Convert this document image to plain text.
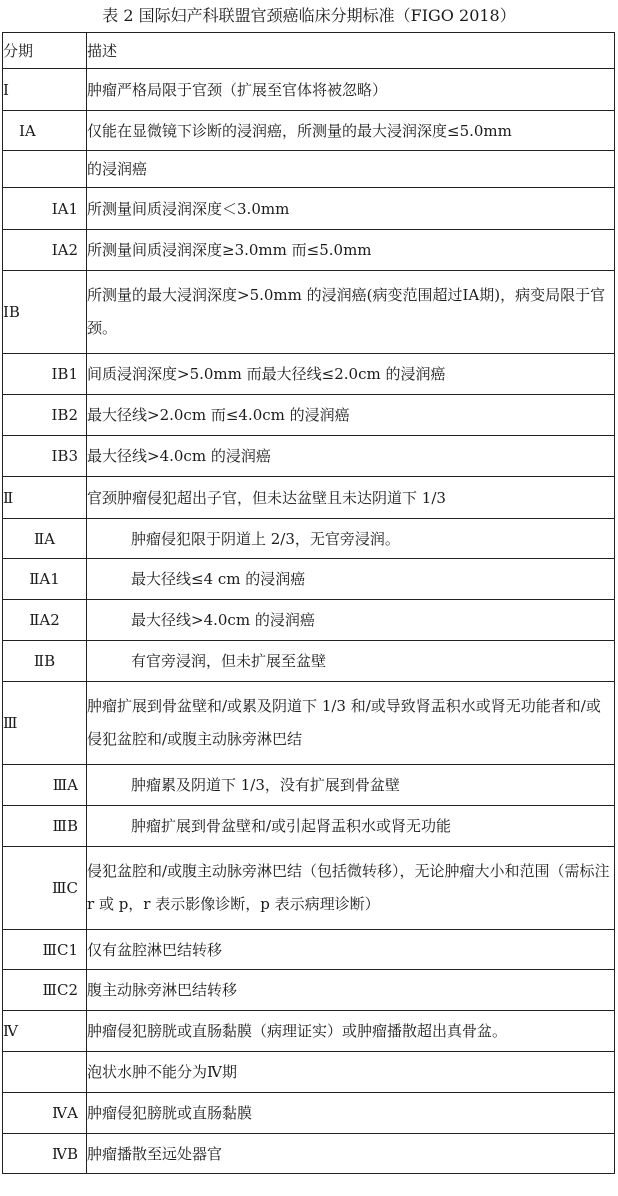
表 2 国际妇产科联盟官颈癌临床分期标准（FIGO 2018）
分期	描述
Ⅰ	肿瘤严格局限于官颈（扩展至官体将被忽略）
ⅠA	仅能在显微镜下诊断的浸润癌，所测量的最大浸润深度≤5.0mm
	的浸润癌
ⅠA1	所测量间质浸润深度＜3.0mm
ⅠA2	所测量间质浸润深度≥3.0mm 而≤5.0mm
ⅠB	所测量的最大浸润深度>5.0mm 的浸润癌(病变范围超过ⅠA期)，病变局限于官颈。
ⅠB1	间质浸润深度>5.0mm 而最大径线≤2.0cm 的浸润癌
ⅠB2	最大径线>2.0cm 而≤4.0cm 的浸润癌
ⅠB3	最大径线>4.0cm 的浸润癌
Ⅱ	官颈肿瘤侵犯超出子官，但未达盆壁且未达阴道下 1/3
ⅡA	肿瘤侵犯限于阴道上 2/3，无官旁浸润。
ⅡA1	最大径线≤4 cm 的浸润癌
ⅡA2	最大径线>4.0cm 的浸润癌
ⅡB	有官旁浸润，但未扩展至盆壁
Ⅲ	肿瘤扩展到骨盆壁和/或累及阴道下 1/3 和/或导致肾盂积水或肾无功能者和/或侵犯盆腔和/或腹主动脉旁淋巴结
ⅢA	肿瘤累及阴道下 1/3，没有扩展到骨盆壁
ⅢB	肿瘤扩展到骨盆壁和/或引起肾盂积水或肾无功能
ⅢC	侵犯盆腔和/或腹主动脉旁淋巴结（包括微转移），无论肿瘤大小和范围（需标注 r 或 p，r 表示影像诊断，p 表示病理诊断）
ⅢC1	仅有盆腔淋巴结转移
ⅢC2	腹主动脉旁淋巴结转移
Ⅳ	肿瘤侵犯膀胱或直肠黏膜（病理证实）或肿瘤播散超出真骨盆。
	泡状水肿不能分为Ⅳ期
ⅣA	肿瘤侵犯膀胱或直肠黏膜
ⅣB	肿瘤播散至远处器官
